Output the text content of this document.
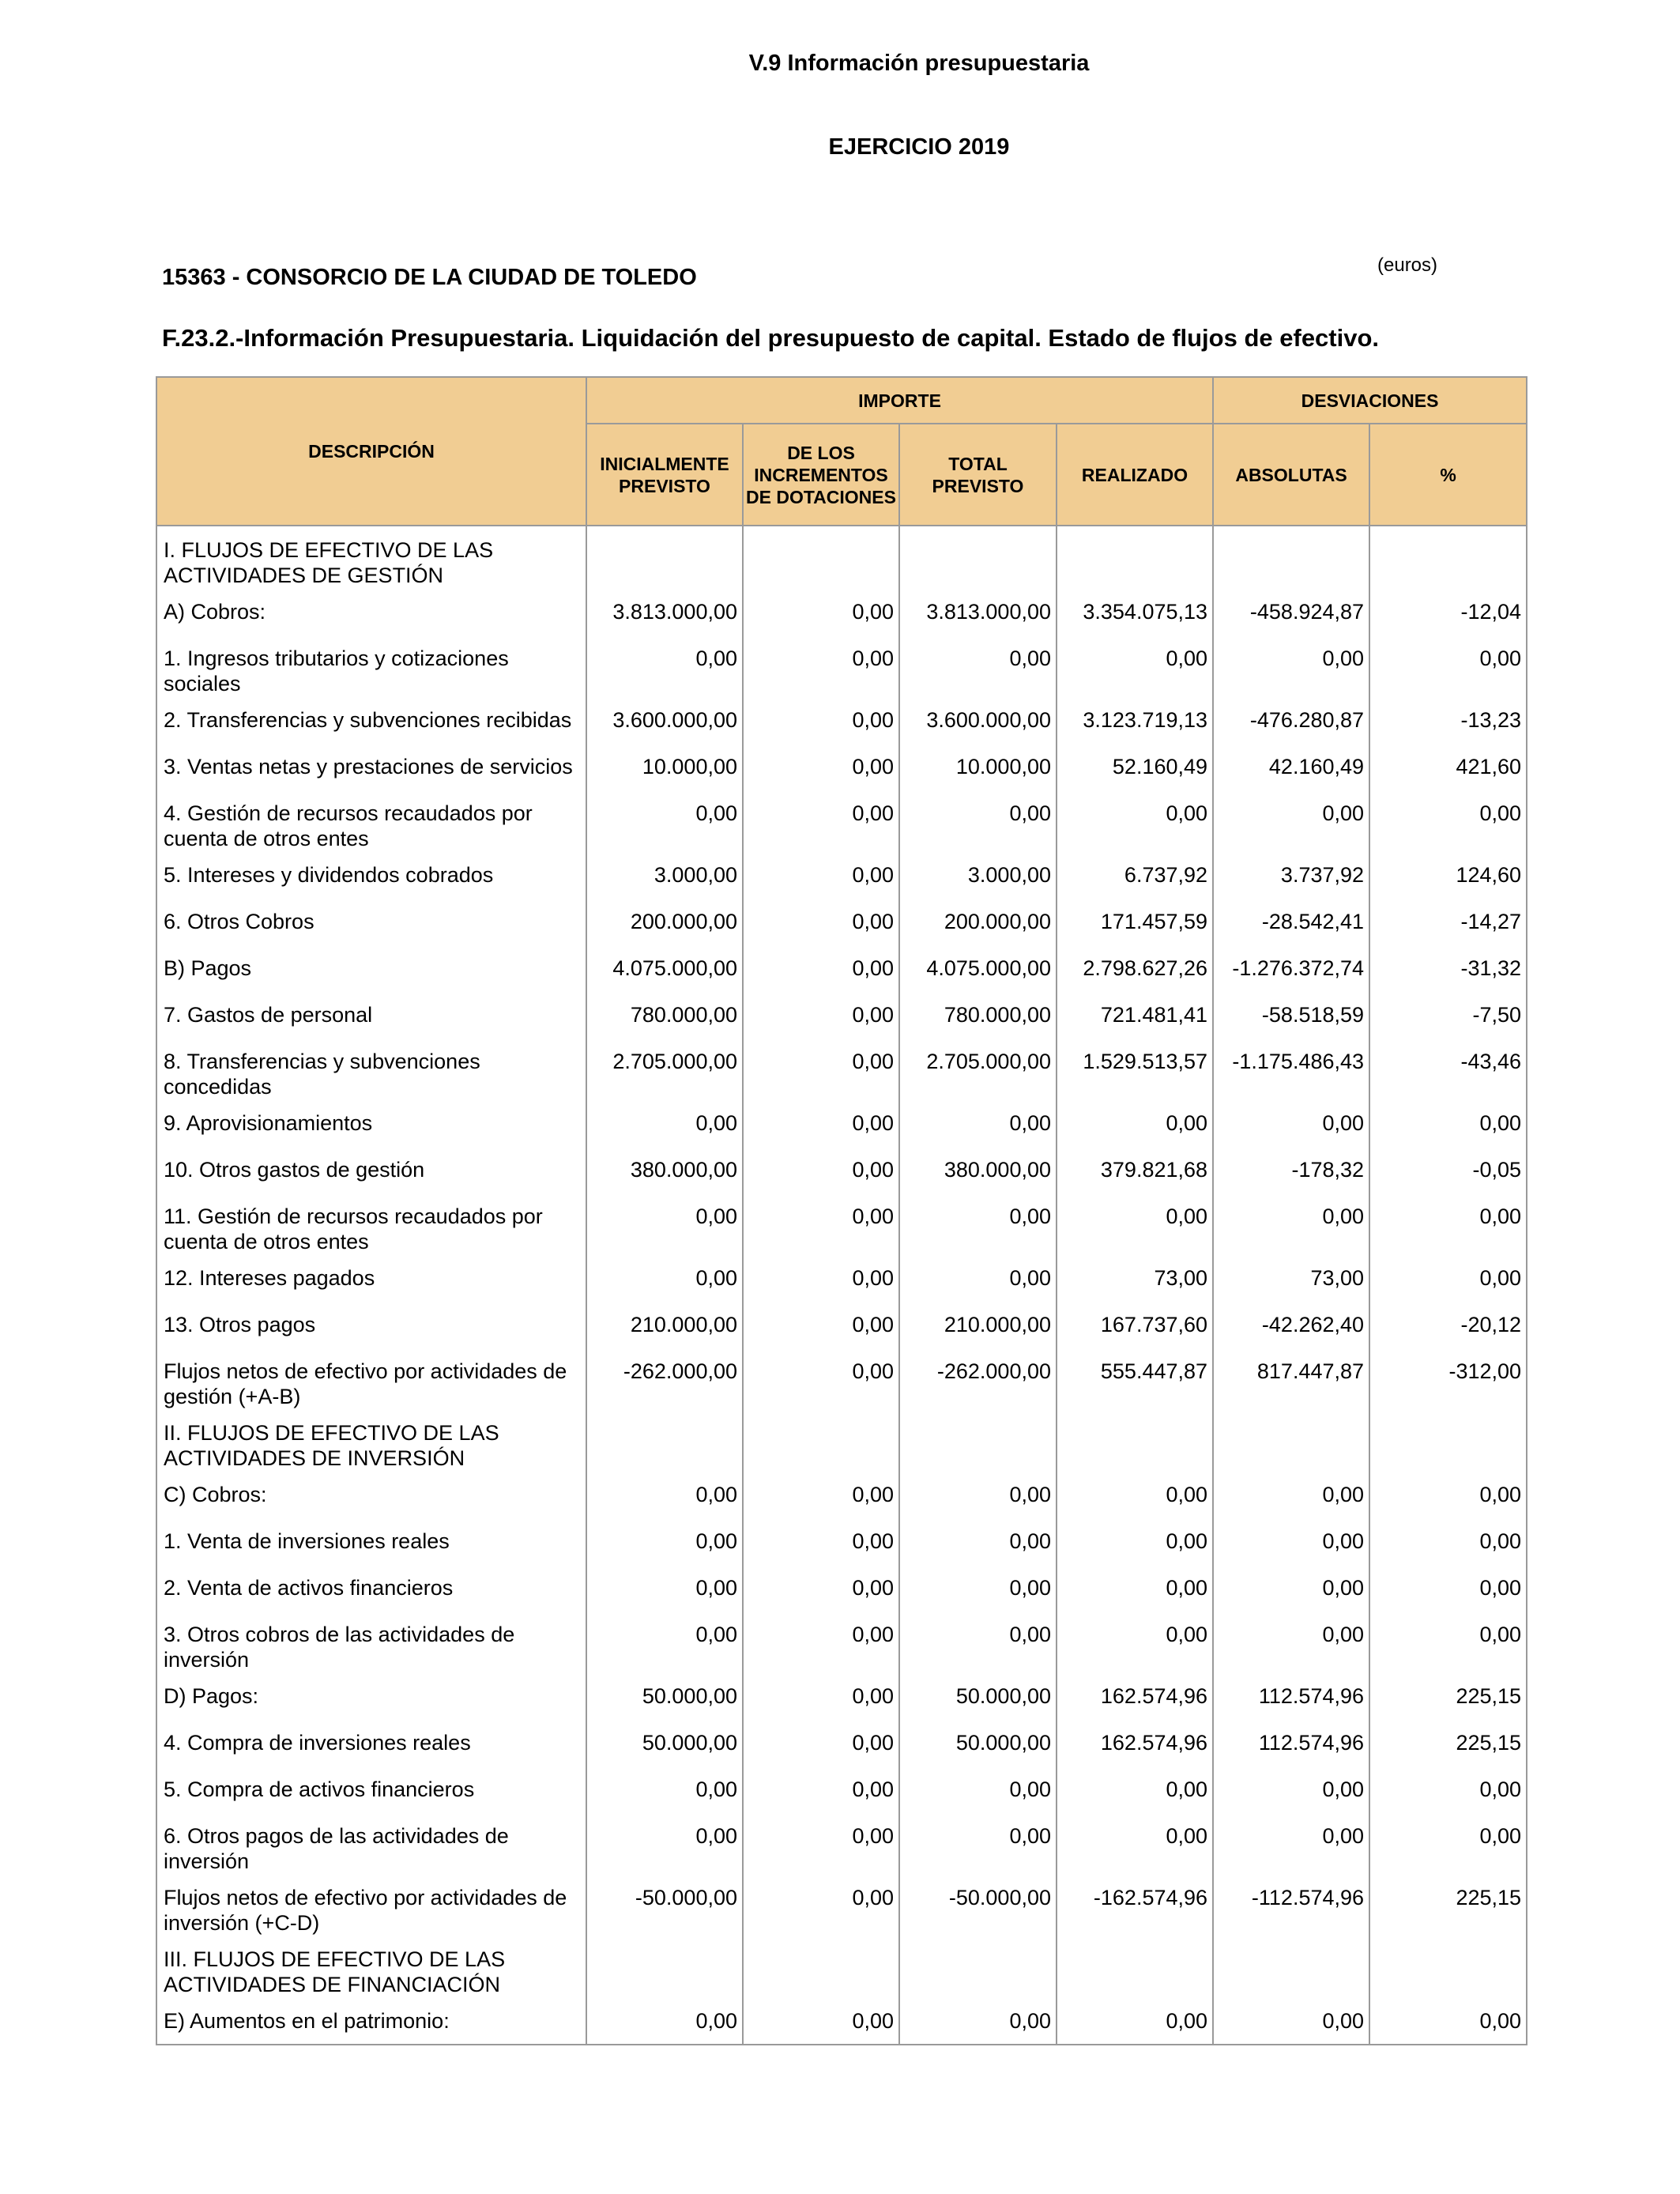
V.9 Información presupuestaria
EJERCICIO 2019
(euros)
15363 - CONSORCIO DE LA CIUDAD DE TOLEDO
F.23.2.-Información Presupuestaria. Liquidación del presupuesto de capital. Estado de flujos de efectivo.
DESCRIPCIÓN	IMPORTE				DESVIACIONES	
	INICIALMENTE PREVISTO	DE LOS INCREMENTOS DE DOTACIONES	TOTAL PREVISTO	REALIZADO	ABSOLUTAS	%
I. FLUJOS DE EFECTIVO DE LAS ACTIVIDADES DE GESTIÓN						
A) Cobros:	3.813.000,00	0,00	3.813.000,00	3.354.075,13	-458.924,87	-12,04
1. Ingresos tributarios y cotizaciones sociales	0,00	0,00	0,00	0,00	0,00	0,00
2. Transferencias y subvenciones recibidas	3.600.000,00	0,00	3.600.000,00	3.123.719,13	-476.280,87	-13,23
3. Ventas netas y prestaciones de servicios	10.000,00	0,00	10.000,00	52.160,49	42.160,49	421,60
4. Gestión de recursos recaudados por cuenta de otros entes	0,00	0,00	0,00	0,00	0,00	0,00
5. Intereses y dividendos cobrados	3.000,00	0,00	3.000,00	6.737,92	3.737,92	124,60
6. Otros Cobros	200.000,00	0,00	200.000,00	171.457,59	-28.542,41	-14,27
B) Pagos	4.075.000,00	0,00	4.075.000,00	2.798.627,26	-1.276.372,74	-31,32
7. Gastos de personal	780.000,00	0,00	780.000,00	721.481,41	-58.518,59	-7,50
8. Transferencias y subvenciones concedidas	2.705.000,00	0,00	2.705.000,00	1.529.513,57	-1.175.486,43	-43,46
9. Aprovisionamientos	0,00	0,00	0,00	0,00	0,00	0,00
10. Otros gastos de gestión	380.000,00	0,00	380.000,00	379.821,68	-178,32	-0,05
11. Gestión de recursos recaudados por cuenta de otros entes	0,00	0,00	0,00	0,00	0,00	0,00
12. Intereses pagados	0,00	0,00	0,00	73,00	73,00	0,00
13. Otros pagos	210.000,00	0,00	210.000,00	167.737,60	-42.262,40	-20,12
Flujos netos de efectivo por actividades de gestión (+A-B)	-262.000,00	0,00	-262.000,00	555.447,87	817.447,87	-312,00
II. FLUJOS DE EFECTIVO DE LAS ACTIVIDADES DE INVERSIÓN						
C) Cobros:	0,00	0,00	0,00	0,00	0,00	0,00
1. Venta de inversiones reales	0,00	0,00	0,00	0,00	0,00	0,00
2. Venta de activos financieros	0,00	0,00	0,00	0,00	0,00	0,00
3. Otros cobros de las actividades de inversión	0,00	0,00	0,00	0,00	0,00	0,00
D) Pagos:	50.000,00	0,00	50.000,00	162.574,96	112.574,96	225,15
4. Compra de inversiones reales	50.000,00	0,00	50.000,00	162.574,96	112.574,96	225,15
5. Compra de activos financieros	0,00	0,00	0,00	0,00	0,00	0,00
6. Otros pagos de las actividades de inversión	0,00	0,00	0,00	0,00	0,00	0,00
Flujos netos de efectivo por actividades de inversión (+C-D)	-50.000,00	0,00	-50.000,00	-162.574,96	-112.574,96	225,15
III. FLUJOS DE EFECTIVO DE LAS ACTIVIDADES DE FINANCIACIÓN						
E) Aumentos en el patrimonio:	0,00	0,00	0,00	0,00	0,00	0,00
